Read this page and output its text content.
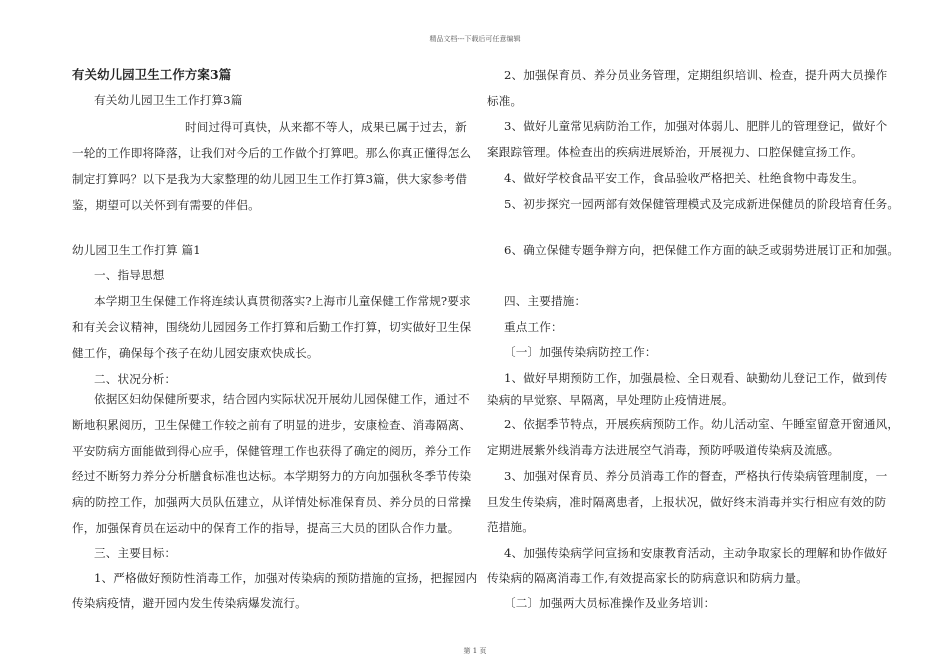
精品文档---下载后可任意编辑
有关幼儿园卫生工作方案3篇
有关幼儿园卫生工作打算3篇
时间过得可真快，从来都不等人，成果已属于过去，新
一轮的工作即将降落，让我们对今后的工作做个打算吧。那么你真正懂得怎么
制定打算吗？以下是我为大家整理的幼儿园卫生工作打算3篇，供大家参考借
鉴，期望可以关怀到有需要的伴侣。
幼儿园卫生工作打算 篇1
一、指导思想
本学期卫生保健工作将连续认真贯彻落实?上海市儿童保健工作常规?要求
和有关会议精神，围绕幼儿园园务工作打算和后勤工作打算，切实做好卫生保
健工作，确保每个孩子在幼儿园安康欢快成长。
二、状况分析：
依据区妇幼保健所要求，结合园内实际状况开展幼儿园保健工作，通过不
断地积累阅历，卫生保健工作较之前有了明显的进步，安康检查、消毒隔离、
平安防病方面能做到得心应手，保健管理工作也获得了确定的阅历，养分工作
经过不断努力养分分析膳食标准也达标。本学期努力的方向加强秋冬季节传染
病的防控工作，加强两大员队伍建立，从详情处标准保育员、养分员的日常操
作，加强保育员在运动中的保育工作的指导，提高三大员的团队合作力量。
三、主要目标：
1、严格做好预防性消毒工作，加强对传染病的预防措施的宣扬，把握园内
传染病疫情，避开园内发生传染病爆发流行。
2、加强保育员、养分员业务管理，定期组织培训、检查，提升两大员操作
标准。
3、做好儿童常见病防治工作，加强对体弱儿、肥胖儿的管理登记，做好个
案跟踪管理。体检查出的疾病进展矫治，开展视力、口腔保健宣扬工作。
4、做好学校食品平安工作，食品验收严格把关、杜绝食物中毒发生。
5、初步探究一园两部有效保健管理模式及完成新进保健员的阶段培育任务。
6、确立保健专题争辩方向，把保健工作方面的缺乏或弱势进展订正和加强。
四、主要措施：
重点工作：
〔一〕加强传染病防控工作：
1、做好早期预防工作，加强晨检、全日观看、缺勤幼儿登记工作，做到传
染病的早觉察、早隔离，早处理防止疫情进展。
2、依据季节特点，开展疾病预防工作。幼儿活动室、午睡室留意开窗通风，
定期进展紫外线消毒方法进展空气消毒，预防呼吸道传染病及流感。
3、加强对保育员、养分员消毒工作的督查，严格执行传染病管理制度，一
旦发生传染病，准时隔离患者，上报状况，做好终末消毒并实行相应有效的防
范措施。
4、加强传染病学问宣扬和安康教育活动，主动争取家长的理解和协作做好
传染病的隔离消毒工作,有效提高家长的防病意识和防病力量。
〔二〕加强两大员标准操作及业务培训：
第 1 页
